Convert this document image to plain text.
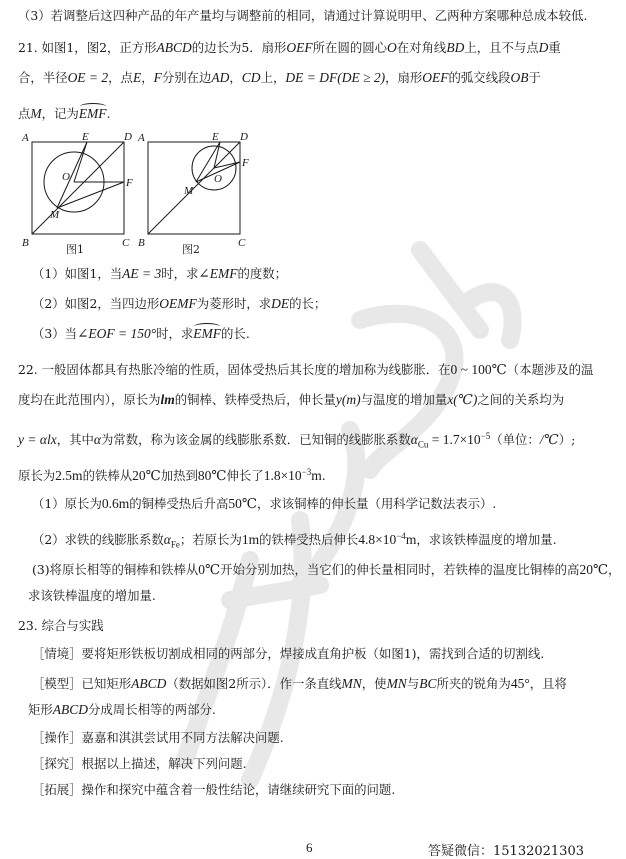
（3）若调整后这四种产品的年产量均与调整前的相同，请通过计算说明甲、乙两种方案哪种总成本较低.
21. 如图1，图2，正方形ABCD的边长为5．扇形OEF所在圆的圆心O在对角线BD上，且不与点D重
合，半径OE = 2，点E，F分别在边AD，CD上，DE = DF(DE ≥ 2)，扇形OEF的弧交线段OB于
点M，记为EMF.
A	E	D
O	F
M
B	C
图1
A	E D
O
F
M
B	C
图2
（1）如图1，当AE = 3时，求∠EMF的度数；
（2）如图2，当四边形OEMF为菱形时，求DE的长；
（3）当∠EOF = 150°时，求EMF的长.
22. 一般固体都具有热胀冷缩的性质，固体受热后其长度的增加称为线膨胀．在0 ~ 100℃（本题涉及的温
度均在此范围内），原长为lm的铜棒、铁棒受热后，伸长量y(m)与温度的增加量x(℃)之间的关系均为
y = αlx，其中α为常数，称为该金属的线膨胀系数．已知铜的线膨胀系数$\alpha_{Cu} = 1.7\times 10^{-5}$（单位：/℃）;
原长为2.5m的铁棒从20℃加热到80℃伸长了$1.8\times 10^{-3}m$.
（1）原长为0.6m的铜棒受热后升高50℃，求该铜棒的伸长量（用科学记数法表示）.
（2）求铁的线膨胀系数$\alpha_{Fe}$；若原长为1m的铁棒受热后伸长$4.8\times 10^{-4}m$，求该铁棒温度的增加量.
(3)将原长相等的铜棒和铁棒从0℃开始分别加热，当它们的伸长量相同时，若铁棒的温度比铜棒的高20℃，
求该铁棒温度的增加量.
23. 综合与实践
［情境］要将矩形铁板切割成相同的两部分，焊接成直角护板（如图1)，需找到合适的切割线.
［模型］已知矩形ABCD（数据如图2所示）．作一条直线MN，使MN与BC所夹的锐角为45°，且将
矩形ABCD分成周长相等的两部分.
［操作］嘉嘉和淇淇尝试用不同方法解决问题.
［探究］根据以上描述，解决下列问题.
［拓展］操作和探究中蕴含着一般性结论，请继续研究下面的问题.
6	答疑微信：15132021303
